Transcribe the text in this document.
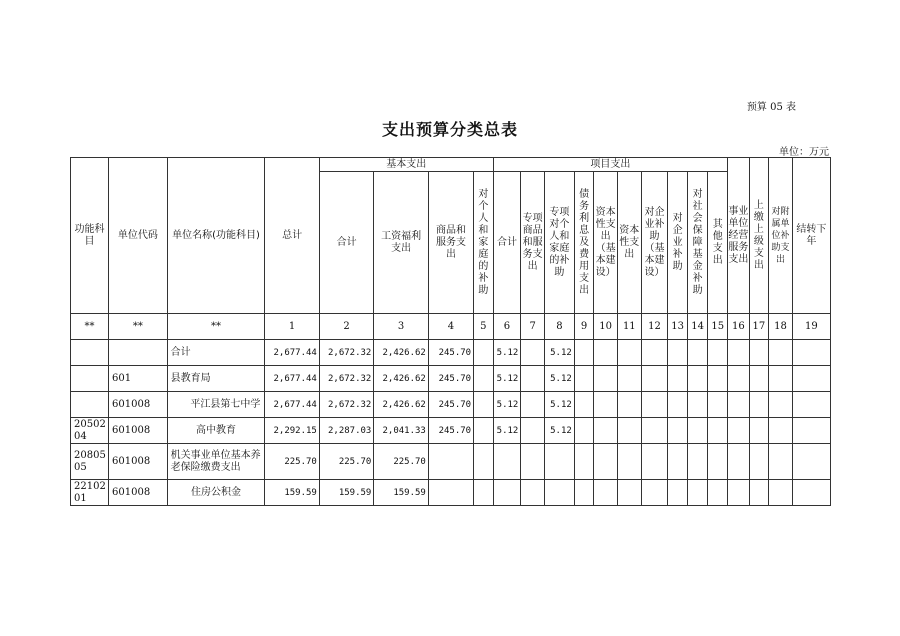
预算 05 表
支出预算分类总表
单位：万元
功能科目	单位代码	单位名称(功能科目)	总计	基本支出				项目支出										事业单位经营服务支出	上缴上级支出	对附属单位补助支出	结转下年
				合计	工资福利支出	商品和服务支出	对个人和家庭的补助	合计	专项商品和服务支出	专项对个人和家庭的补助	债务利息及费用支出	资本性支出（基本建设）	资本性支出	对企业补助（基本建设）	对企业补助	对社会保障基金补助	其他支出				
**	**	**	1	2	3	4	5	6	7	8	9	10	11	12	13	14	15	16	17	18	19
		合计	2,677.44	2,672.32	2,426.62	245.70		5.12		5.12											
	601	县教育局	2,677.44	2,672.32	2,426.62	245.70		5.12		5.12											
	601008	平江县第七中学	2,677.44	2,672.32	2,426.62	245.70		5.12		5.12											
2050204	601008	高中教育	2,292.15	2,287.03	2,041.33	245.70		5.12		5.12											
2080505	601008	机关事业单位基本养老保险缴费支出	225.70	225.70	225.70																
2210201	601008	住房公积金	159.59	159.59	159.59																
